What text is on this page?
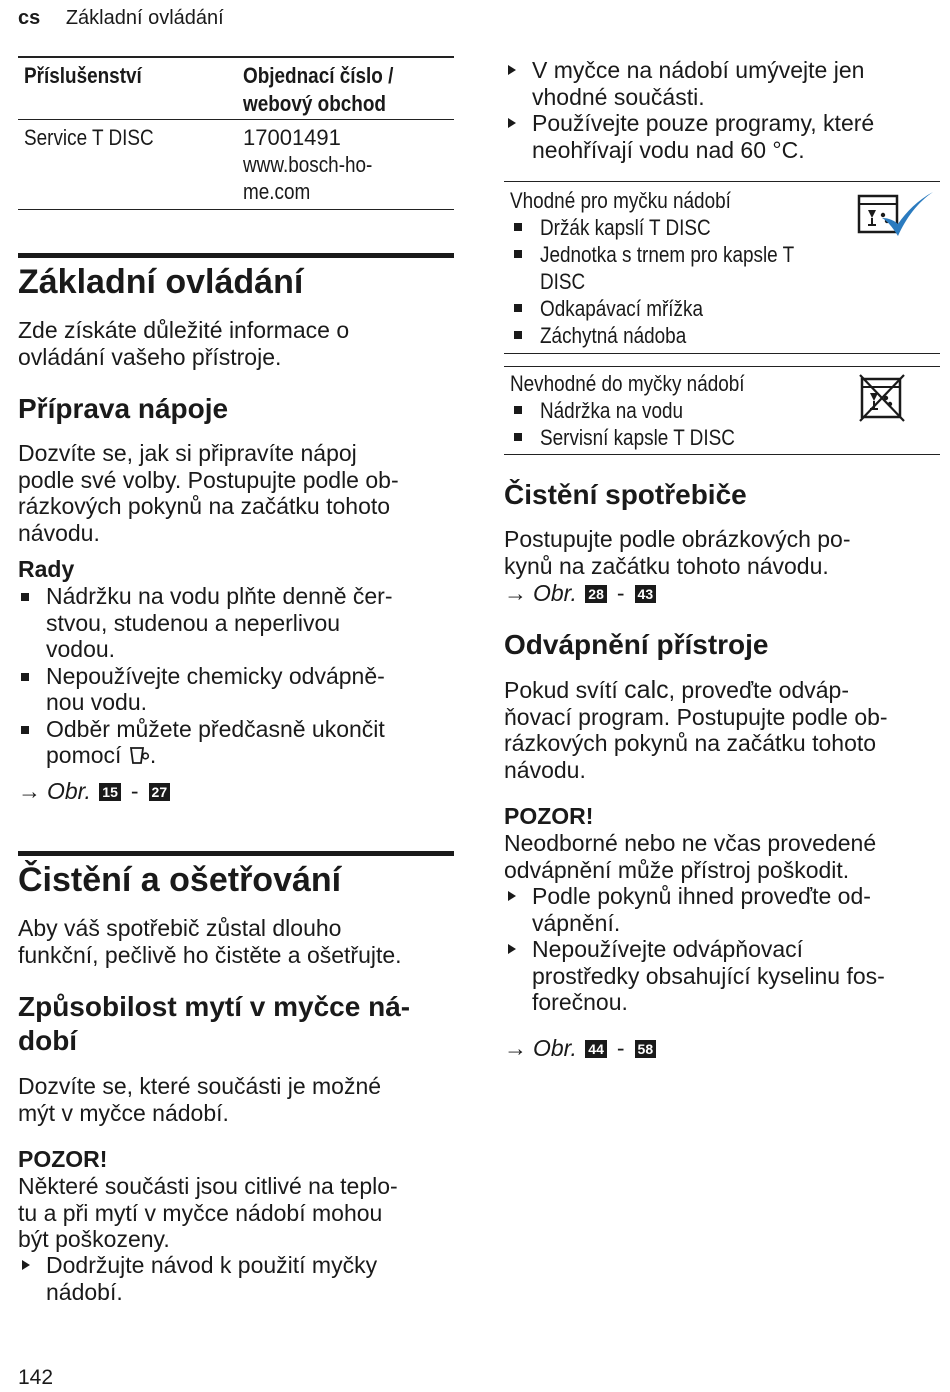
cs Základní ovládání
Příslušenství	Objednací číslo /
webový obchod
Service T DISC	17001491
www.bosch-ho-
me.com
Základní ovládání

Zde získáte důležité informace o

ovládání vašeho přístroje.

Příprava nápoje

Dozvíte se, jak si připravíte nápoj

podle své volby. Postupujte podle ob-

rázkových pokynů na začátku tohoto

návodu.

Rady
Nádržku na vodu plňte denně čer-
stvou, studenou a neperlivou
vodou.
Nepoužívejte chemicky odvápně-
nou vodu.
Odběr můžete předčasně ukončit
pomocí .
→ Obr.
15 - 27
Čistění a ošetřování

Aby váš spotřebič zůstal dlouho

funkční, pečlivě ho čistěte a ošetřujte.

Způsobilost mytí v myčce ná-
dobí

Dozvíte se, které součásti je možné

mýt v myčce nádobí.

POZOR!

Některé součásti jsou citlivé na teplo-

tu a při mytí v myčce nádobí mohou

být poškozeny.

Dodržujte návod k použití myčky
nádobí.
V myčce na nádobí umývejte jen
vhodné součásti.
Používejte pouze programy, které
neohřívají vodu nad 60 °C.
Vhodné pro myčku nádobí
Držák kapslí T DISC
Jednotka s trnem pro kapsle T
DISC
Odkapávací mřížka
Záchytná nádoba
Nevhodné do myčky nádobí
Nádržka na vodu
Servisní kapsle T DISC
Čistění spotřebiče

Postupujte podle obrázkových po-

kynů na začátku tohoto návodu.

→ Obr.
28 - 43
Odvápnění přístroje

Pokud svítí calc, proveďte odváp-

ňovací program. Postupujte podle ob-

rázkových pokynů na začátku tohoto

návodu.

POZOR!

Neodborné nebo ne včas provedené

odvápnění může přístroj poškodit.

Podle pokynů ihned proveďte od-
vápnění.
Nepoužívejte odvápňovací
prostředky obsahující kyselinu fos-
forečnou.
→ Obr.
44 - 58
142
